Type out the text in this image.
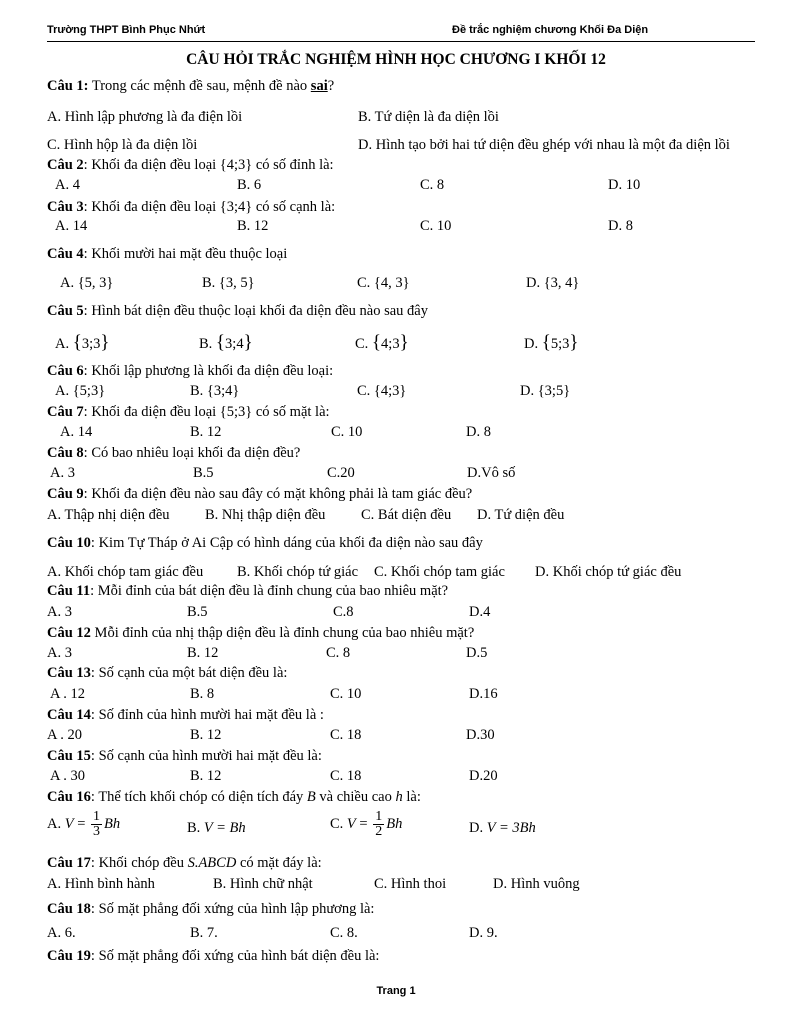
Trường THPT Bình Phục Nhứt	Đề trắc nghiệm chương Khối Đa Diện
CÂU HỎI TRẮC NGHIỆM HÌNH HỌC CHƯƠNG I KHỐI 12
Câu 1: Trong các mệnh đề sau, mệnh đề nào sai?
A. Hình lập phương là đa điện lồi	B. Tứ diện là đa diện lồi
C. Hình hộp là đa diện lồi	D. Hình tạo bởi hai tứ diện đều ghép với nhau là một đa diện lồi
Câu 2: Khối đa diện đều loại {4;3} có số đỉnh là:
A. 4	B. 6	C. 8	D. 10
Câu 3: Khối đa diện đều loại {3;4} có số cạnh là:
A. 14	B. 12	C. 10	D. 8
Câu 4: Khối mười hai mặt đều thuộc loại
A. {5, 3}	B. {3, 5}	C. {4, 3}	D. {3, 4}
Câu 5: Hình bát diện đều thuộc loại khối đa diện đều nào sau đây
A. {3;3}	B. {3;4}	C. {4;3}	D. {5;3}
Câu 6: Khối lập phương là khối đa diện đều loại:
A. {5;3}	B. {3;4}	C. {4;3}	D. {3;5}
Câu 7: Khối đa diện đều loại {5;3} có số mặt là:
A. 14	B. 12	C. 10	D. 8
Câu 8: Có bao nhiêu loại khối đa diện đều?
A. 3	B.5	C.20	D.Vô số
Câu 9: Khối đa diện đều nào sau đây có mặt không phải là tam giác đều?
A. Thập nhị diện đều B. Nhị thập diện đều C. Bát diện đều D. Tứ diện đều
Câu 10: Kim Tự Tháp ở Ai Cập có hình dáng của khối đa diện nào sau đây
A. Khối chóp tam giác đều B. Khối chóp tứ giác C. Khối chóp tam giác D. Khối chóp tứ giác đều
Câu 11: Mỗi đỉnh của bát diện đều là đỉnh chung của bao nhiêu mặt?
A. 3	B.5	C.8	D.4
Câu 12 Mỗi đỉnh của nhị thập diện đều là đỉnh chung của bao nhiêu mặt?
A. 3	B. 12	C. 8	D.5
Câu 13: Số cạnh của một bát diện đều là:
A . 12	B. 8	C. 10	D.16
Câu 14: Số đỉnh của hình mười hai mặt đều là :
A . 20	B. 12	C. 18	D.30
Câu 15: Số cạnh của hình mười hai mặt đều là:
A . 30	B. 12	C. 18	D.20
Câu 16: Thể tích khối chóp có diện tích đáy B và chiều cao h là:
A. $V = \frac{1}{3}$ Bh	B. V = Bh	C. $V = \frac{1}{2}$ Bh	D. V = 3Bh
Câu 17: Khối chóp đều S.ABCD có mặt đáy là:
A. Hình bình hành	B. Hình chữ nhật	C. Hình thoi	D. Hình vuông
Câu 18: Số mặt phẳng đối xứng của hình lập phương là:
A. 6.	B. 7.	C. 8.	D. 9.
Câu 19: Số mặt phẳng đối xứng của hình bát diện đều là:
Trang 1
